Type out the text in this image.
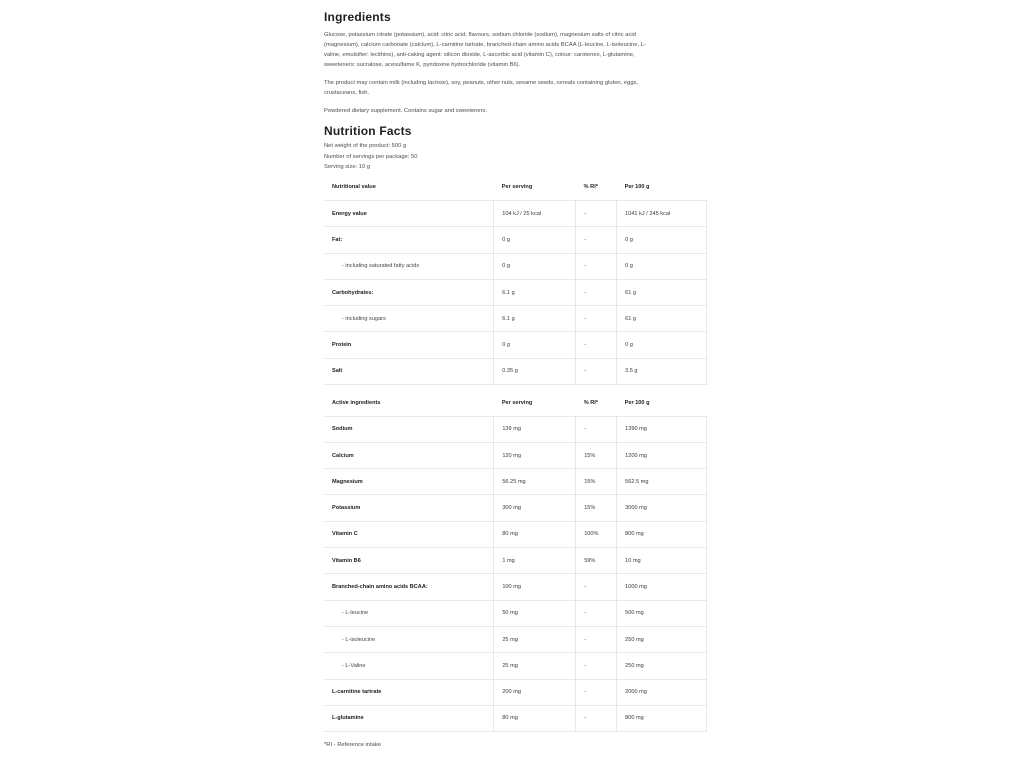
Ingredients

Glucose, potassium citrate (potassium), acid: citric acid, flavours, sodium chloride (sodium), magnesium salts of citric acid

(magnesium), calcium carbonate (calcium), L-carnitine tartrate, branched-chain amino acids BCAA (L-leucine, L-isoleucine, L-

valine, emulsifier: lecithins), anti-caking agent: silicon dioxide, L-ascorbic acid (vitamin C), colour: carotenes, L-glutamine,

sweeteners: sucralose, acesulfame K, pyridoxine hydrochloride (vitamin B6).

The product may contain milk (including lactose), soy, peanuts, other nuts, sesame seeds, cereals containing gluten, eggs,

crustaceans, fish.

Powdered dietary supplement. Contains sugar and sweeteners.

Nutrition Facts
Net weight of the product: 500 g
Number of servings per package: 50
Serving size: 10 g
Nutritional value	Per serving	% RI*	Per 100 g
Energy value	104 kJ / 25 kcal	-	1041 kJ / 245 kcal
Fat:	0 g	-	0 g
- including saturated fatty acids	0 g	-	0 g
Carbohydrates:	6.1 g	-	61 g
- including sugars	6.1 g	-	61 g
Protein	0 g	-	0 g
Salt	0.35 g	-	3.5 g
Active ingredients	Per serving	% RI*	Per 100 g
Sodium	139 mg	-	1390 mg
Calcium	120 mg	15%	1200 mg
Magnesium	56.25 mg	15%	562.5 mg
Potassium	300 mg	15%	3000 mg
Vitamin C	80 mg	100%	800 mg
Vitamin B6	1 mg	59%	10 mg
Branched-chain amino acids BCAA:	100 mg	-	1000 mg
- L-leucine	50 mg	-	500 mg
- L-isoleucine	25 mg	-	250 mg
- L-Valine	25 mg	-	250 mg
L-carnitine tartrate	200 mg	-	2000 mg
L-glutamine	80 mg	-	800 mg
*RI - Reference intake
